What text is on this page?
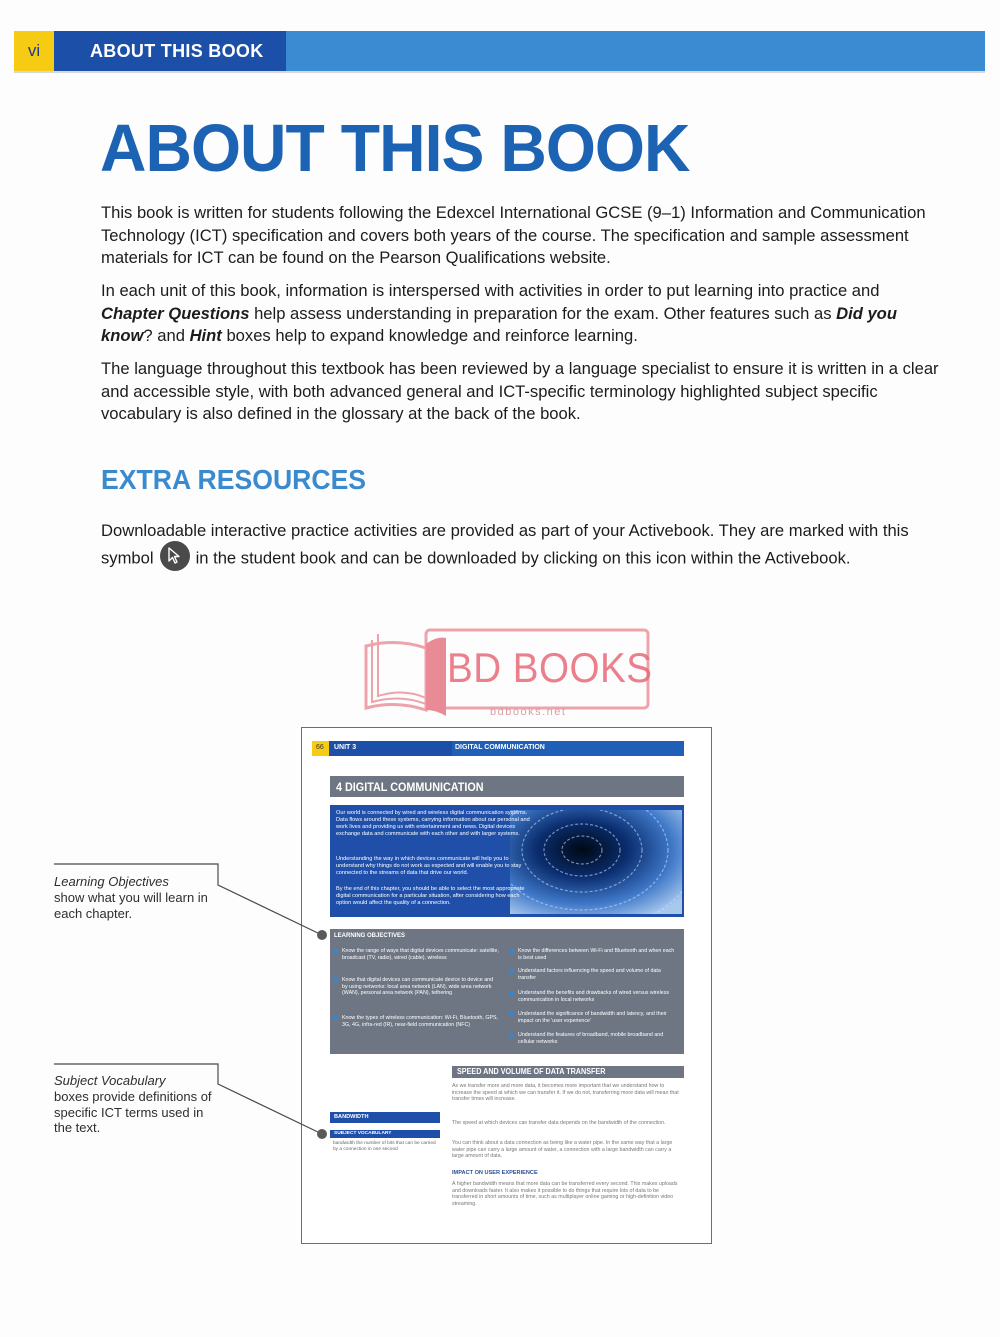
vi	ABOUT THIS BOOK
ABOUT THIS BOOK

This book is written for students following the Edexcel International GCSE (9–1) Information and Communication Technology (ICT) specification and covers both years of the course. The specification and sample assessment materials for ICT can be found on the Pearson Qualifications website.

In each unit of this book, information is interspersed with activities in order to put learning into practice and Chapter Questions help assess understanding in preparation for the exam. Other features such as Did you know? and Hint boxes help to expand knowledge and reinforce learning.

The language throughout this textbook has been reviewed by a language specialist to ensure it is written in a clear and accessible style, with both advanced general and ICT-specific terminology highlighted subject specific vocabulary is also defined in the glossary at the back of the book.

EXTRA RESOURCES

Downloadable interactive practice activities are provided as part of your Activebook. They are marked with this symbol	in the student book and can be downloaded by clicking on this icon within the Activebook.

BD BOOKS
bdbooks.net
66 UNIT 3	DIGITAL COMMUNICATION
4 DIGITAL COMMUNICATION

Our world is connected by wired and wireless digital communication systems. Data flows around these systems, carrying information about our personal and work lives and providing us with entertainment and news. Digital devices exchange data and communicate with each other and with larger systems.

Understanding the way in which devices communicate will help you to understand why things do not work as expected and will enable you to stay connected to the streams of data that drive our world.

By the end of this chapter, you should be able to select the most appropriate digital communication for a particular situation, after considering how each option would affect the quality of a connection.

LEARNING OBJECTIVES
Know the range of ways that digital devices communicate: satellite, broadcast (TV, radio), wired (cable), wireless
Know that digital devices can communicate device to device and by using networks: local area network (LAN), wide area network (WAN), personal area network (PAN), tethering
Know the types of wireless communication: Wi-Fi, Bluetooth, GPS, 3G, 4G, infra-red (IR), near-field communication (NFC)
Know the differences between Wi-Fi and Bluetooth and when each is best used
Understand factors influencing the speed and volume of data transfer
Understand the benefits and drawbacks of wired versus wireless communication in local networks
Understand the significance of bandwidth and latency, and their impact on the 'user experience'
Understand the features of broadband, mobile broadband and cellular networks
SPEED AND VOLUME OF DATA TRANSFER

As we transfer more and more data, it becomes more important that we understand how to increase the speed at which we can transfer it. If we do not, transferring more data will mean that transfer times will increase.

The speed at which devices can transfer data depends on the bandwidth of the connection.

You can think about a data connection as being like a water pipe. In the same way that a large water pipe can carry a large amount of water, a connection with a large bandwidth can carry a large amount of data.

IMPACT ON USER EXPERIENCE

A higher bandwidth means that more data can be transferred every second. This makes uploads and downloads faster. It also makes it possible to do things that require lots of data to be transferred in short amounts of time, such as multiplayer online gaming or high-definition video streaming.

BANDWIDTH
SUBJECT VOCABULARY
bandwidth the number of bits that can be carried by a connection in one second

Learning Objectives
show what you will learn in each chapter.

Subject Vocabulary
boxes provide definitions of specific ICT terms used in the text.
